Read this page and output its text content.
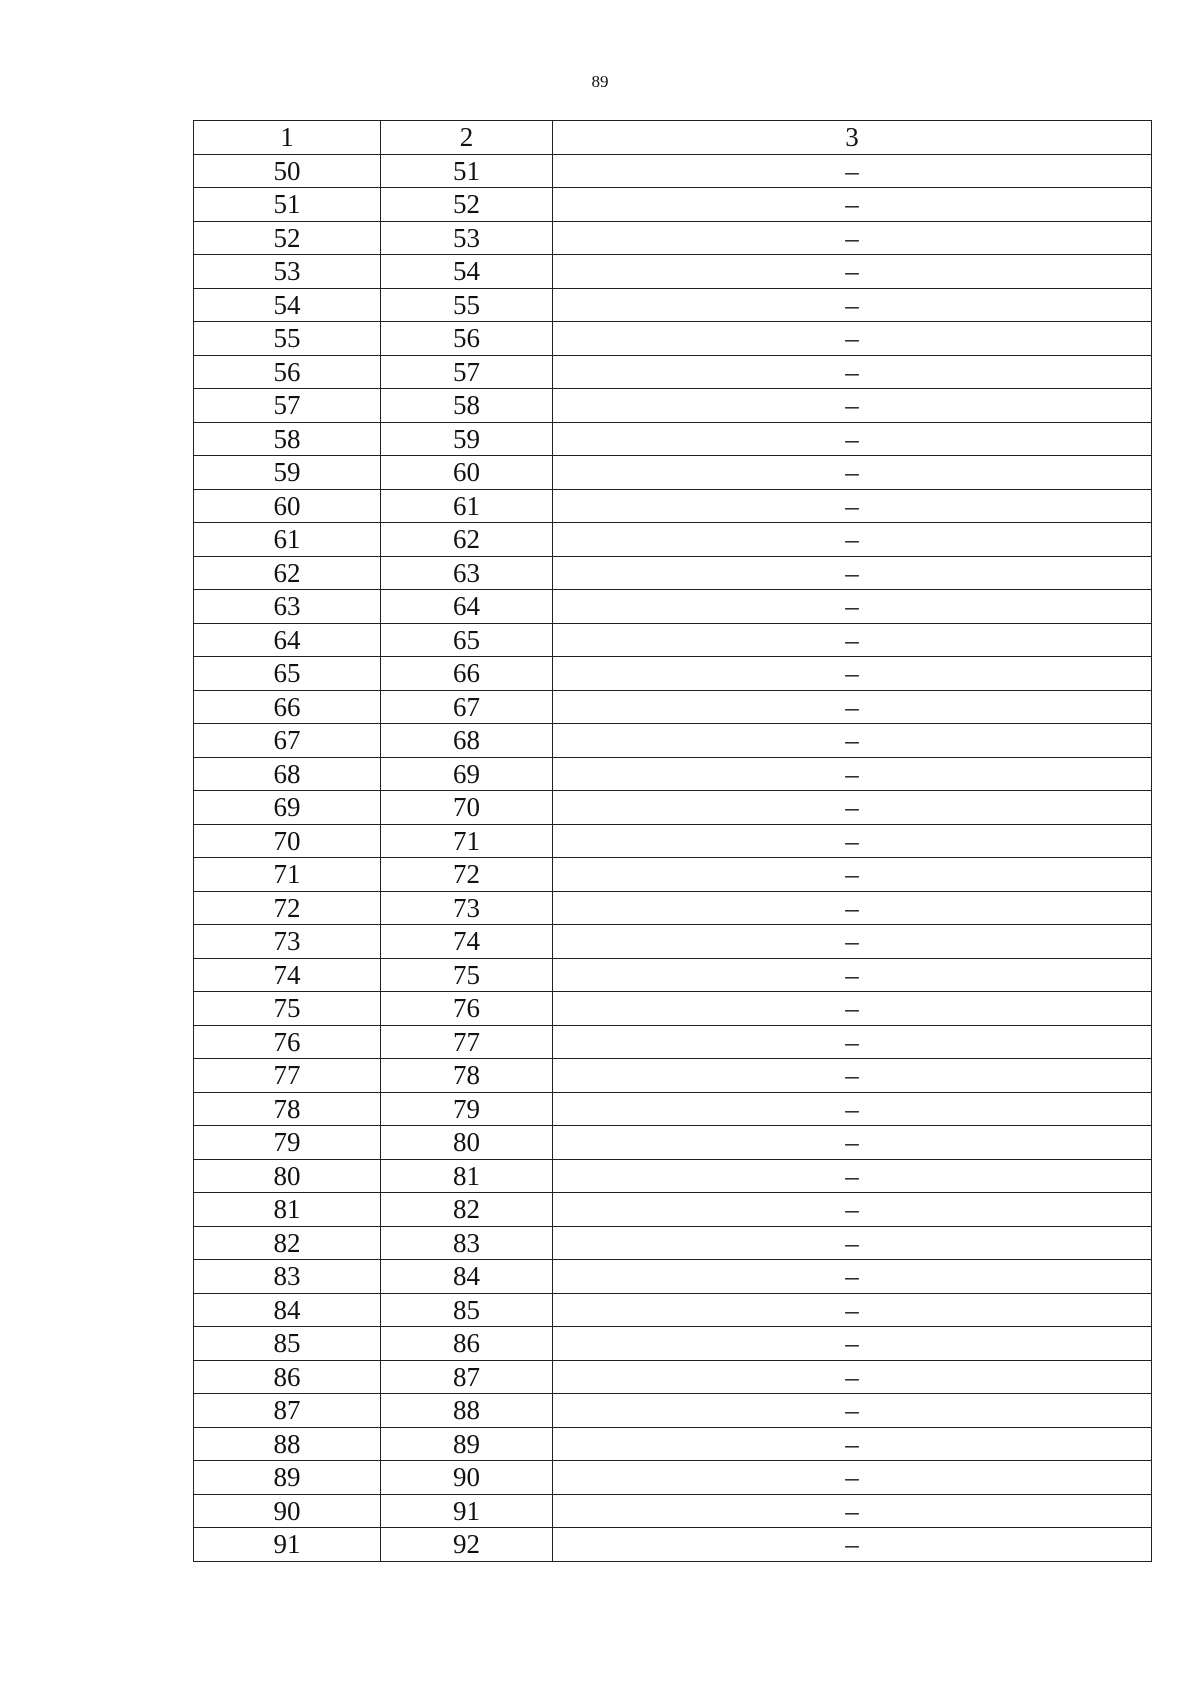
89
1	2	3
50	51	–
51	52	–
52	53	–
53	54	–
54	55	–
55	56	–
56	57	–
57	58	–
58	59	–
59	60	–
60	61	–
61	62	–
62	63	–
63	64	–
64	65	–
65	66	–
66	67	–
67	68	–
68	69	–
69	70	–
70	71	–
71	72	–
72	73	–
73	74	–
74	75	–
75	76	–
76	77	–
77	78	–
78	79	–
79	80	–
80	81	–
81	82	–
82	83	–
83	84	–
84	85	–
85	86	–
86	87	–
87	88	–
88	89	–
89	90	–
90	91	–
91	92	–
